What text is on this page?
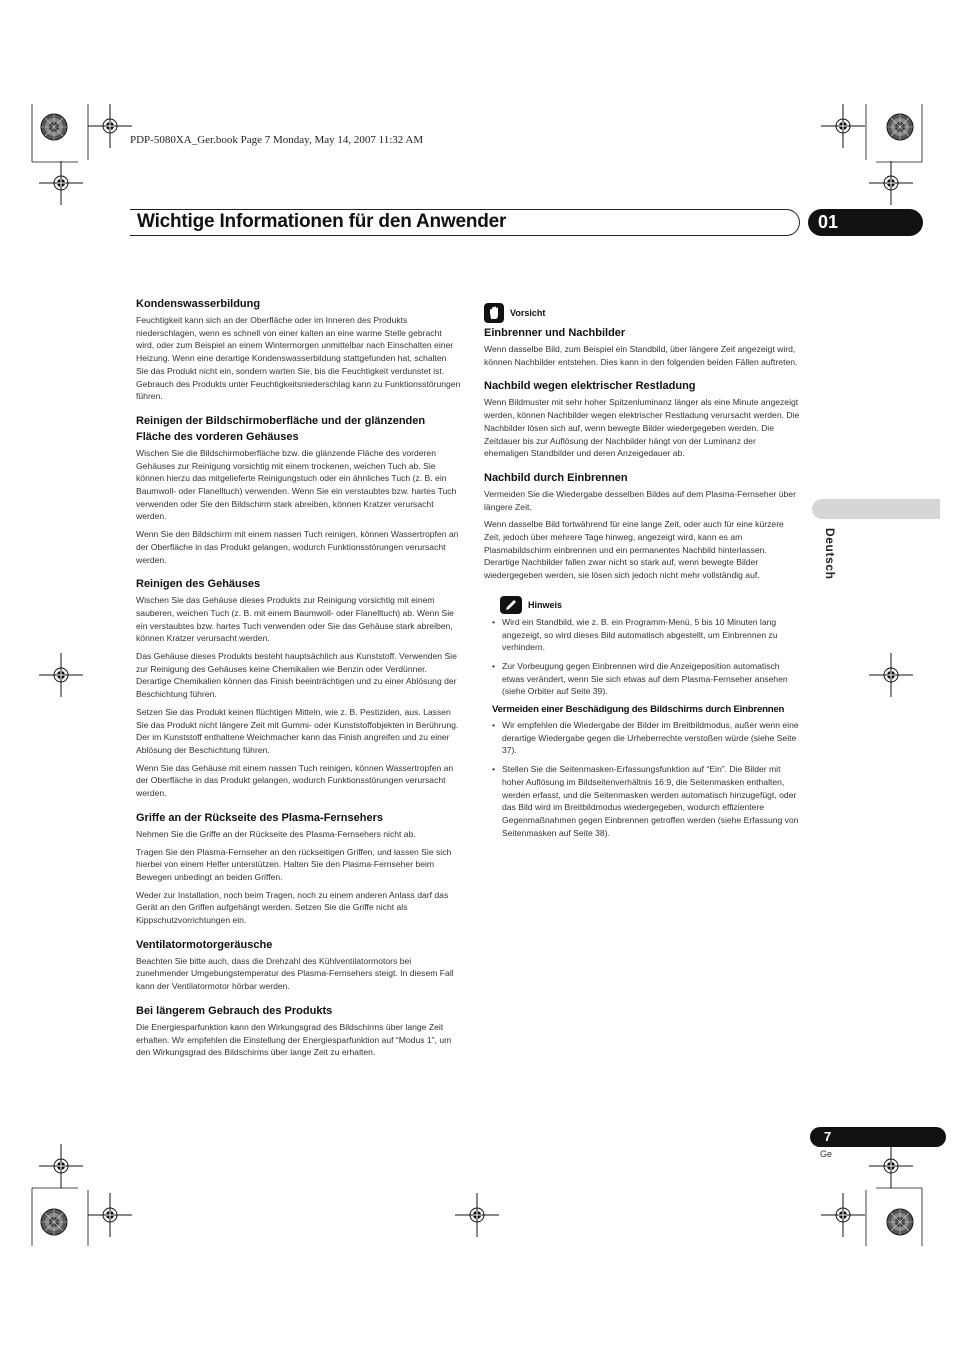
PDP-5080XA_Ger.book Page 7 Monday, May 14, 2007 11:32 AM
Wichtige Informationen für den Anwender	01
Deutsch
7
Ge
Kondenswasserbildung

Feuchtigkeit kann sich an der Oberfläche oder im Inneren des Produkts niederschlagen, wenn es schnell von einer kalten an eine warme Stelle gebracht wird, oder zum Beispiel an einem Wintermorgen unmittelbar nach Einschalten einer Heizung. Wenn eine derartige Kondenswasserbildung stattgefunden hat, schalten Sie das Produkt nicht ein, sondern warten Sie, bis die Feuchtigkeit verdunstet ist. Gebrauch des Produkts unter Feuchtigkeitsniederschlag kann zu Funktionsstörungen führen.

Reinigen der Bildschirmoberfläche und der glänzenden Fläche des vorderen Gehäuses

Wischen Sie die Bildschirmoberfläche bzw. die glänzende Fläche des vorderen Gehäuses zur Reinigung vorsichtig mit einem trockenen, weichen Tuch ab. Sie können hierzu das mitgelieferte Reinigungstuch oder ein ähnliches Tuch (z. B. ein Baumwoll- oder Flanelltuch) verwenden. Wenn Sie ein verstaubtes bzw. hartes Tuch verwenden oder Sie den Bildschirm stark abreiben, können Kratzer verursacht werden.

Wenn Sie den Bildschirm mit einem nassen Tuch reinigen, können Wassertropfen an der Oberfläche in das Produkt gelangen, wodurch Funktionsstörungen verursacht werden.

Reinigen des Gehäuses

Wischen Sie das Gehäuse dieses Produkts zur Reinigung vorsichtig mit einem sauberen, weichen Tuch (z. B. mit einem Baumwoll- oder Flanelltuch) ab. Wenn Sie ein verstaubtes bzw. hartes Tuch verwenden oder Sie das Gehäuse stark abreiben, können Kratzer verursacht werden.

Das Gehäuse dieses Produkts besteht hauptsächlich aus Kunststoff. Verwenden Sie zur Reinigung des Gehäuses keine Chemikalien wie Benzin oder Verdünner. Derartige Chemikalien können das Finish beeinträchtigen und zu einer Ablösung der Beschichtung führen.

Setzen Sie das Produkt keinen flüchtigen Mitteln, wie z. B. Pestiziden, aus. Lassen Sie das Produkt nicht längere Zeit mit Gummi- oder Kunststoffobjekten in Berührung. Der im Kunststoff enthaltene Weichmacher kann das Finish angreifen und zu einer Ablösung der Beschichtung führen.

Wenn Sie das Gehäuse mit einem nassen Tuch reinigen, können Wassertropfen an der Oberfläche in das Produkt gelangen, wodurch Funktionsstörungen verursacht werden.

Griffe an der Rückseite des Plasma-Fernsehers

Nehmen Sie die Griffe an der Rückseite des Plasma-Fernsehers nicht ab.

Tragen Sie den Plasma-Fernseher an den rückseitigen Griffen, und lassen Sie sich hierbei von einem Helfer unterstützen. Halten Sie den Plasma-Fernseher beim Bewegen unbedingt an beiden Griffen.

Weder zur Installation, noch beim Tragen, noch zu einem anderen Anlass darf das Gerät an den Griffen aufgehängt werden. Setzen Sie die Griffe nicht als Kippschutzvorrichtungen ein.

Ventilatormotorgeräusche

Beachten Sie bitte auch, dass die Drehzahl des Kühlventilatormotors bei zunehmender Umgebungstemperatur des Plasma-Fernsehers steigt. In diesem Fall kann der Ventilatormotor hörbar werden.

Bei längerem Gebrauch des Produkts

Die Energiesparfunktion kann den Wirkungsgrad des Bildschirms über lange Zeit erhalten. Wir empfehlen die Einstellung der Energiesparfunktion auf “Modus 1”, um den Wirkungsgrad des Bildschirms über lange Zeit zu erhalten.

Vorsicht
Einbrenner und Nachbilder

Wenn dasselbe Bild, zum Beispiel ein Standbild, über längere Zeit angezeigt wird, können Nachbilder entstehen. Dies kann in den folgenden beiden Fällen auftreten.

Nachbild wegen elektrischer Restladung

Wenn Bildmuster mit sehr hoher Spitzenluminanz länger als eine Minute angezeigt werden, können Nachbilder wegen elektrischer Restladung verursacht werden. Die Nachbilder lösen sich auf, wenn bewegte Bilder wiedergegeben werden. Die Zeitdauer bis zur Auflösung der Nachbilder hängt von der Luminanz der ehemaligen Standbilder und deren Anzeigedauer ab.

Nachbild durch Einbrennen

Vermeiden Sie die Wiedergabe desselben Bildes auf dem Plasma-Fernseher über längere Zeit.

Wenn dasselbe Bild fortwährend für eine lange Zeit, oder auch für eine kürzere Zeit, jedoch über mehrere Tage hinweg, angezeigt wird, kann es am Plasmabildschirm einbrennen und ein permanentes Nachbild hinterlassen. Derartige Nachbilder fallen zwar nicht so stark auf, wenn bewegte Bilder wiedergegeben werden, sie lösen sich jedoch nicht mehr vollständig auf.

Hinweis
• Wird ein Standbild, wie z. B. ein Programm-Menü, 5 bis 10 Minuten lang angezeigt, so wird dieses Bild automatisch abgestellt, um Einbrennen zu verhindern.
• Zur Vorbeugung gegen Einbrennen wird die Anzeigeposition automatisch etwas verändert, wenn Sie sich etwas auf dem Plasma-Fernseher ansehen (siehe Orbiter auf Seite 39).
Vermeiden einer Beschädigung des Bildschirms durch Einbrennen
• Wir empfehlen die Wiedergabe der Bilder im Breitbildmodus, außer wenn eine derartige Wiedergabe gegen die Urheberrechte verstoßen würde (siehe Seite 37).
• Stellen Sie die Seitenmasken-Erfassungsfunktion auf “Ein”. Die Bilder mit hoher Auflösung im Bildseitenverhältnis 16:9, die Seitenmasken enthalten, werden erfasst, und die Seitenmasken werden automatisch hinzugefügt, oder das Bild wird im Breitbildmodus wiedergegeben, wodurch effizientere Gegenmaßnahmen gegen Einbrennen getroffen werden (siehe Erfassung von Seitenmasken auf Seite 38).
